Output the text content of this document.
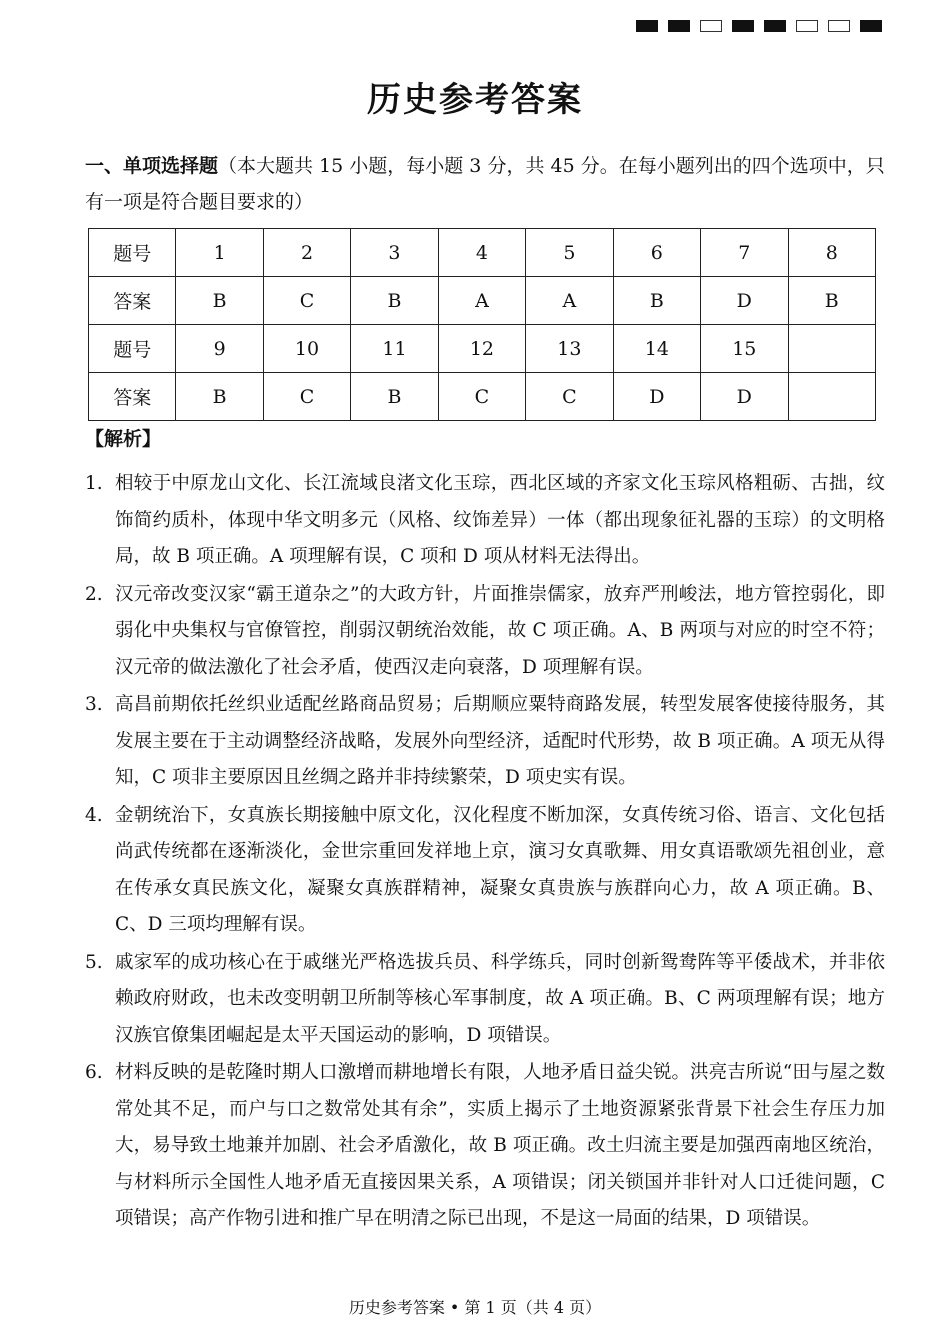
历史参考答案
一、单项选择题（本大题共 15 小题，每小题 3 分，共 45 分。在每小题列出的四个选项中，只有一项是符合题目要求的）
题号	1	2	3	4	5	6	7	8
答案	B	C	B	A	A	B	D	B
题号	9	10	11	12	13	14	15	
答案	B	C	B	C	C	D	D	
【解析】
1. 相较于中原龙山文化、长江流域良渚文化玉琮，西北区域的齐家文化玉琮风格粗砺、古拙，纹饰简约质朴，体现中华文明多元（风格、纹饰差异）一体（都出现象征礼器的玉琮）的文明格局，故 B 项正确。A 项理解有误，C 项和 D 项从材料无法得出。
2. 汉元帝改变汉家“霸王道杂之”的大政方针，片面推崇儒家，放弃严刑峻法，地方管控弱化，即弱化中央集权与官僚管控，削弱汉朝统治效能，故 C 项正确。A、B 两项与对应的时空不符；汉元帝的做法激化了社会矛盾，使西汉走向衰落，D 项理解有误。
3. 高昌前期依托丝织业适配丝路商品贸易；后期顺应粟特商路发展，转型发展客使接待服务，其发展主要在于主动调整经济战略，发展外向型经济，适配时代形势，故 B 项正确。A 项无从得知，C 项非主要原因且丝绸之路并非持续繁荣，D 项史实有误。
4. 金朝统治下，女真族长期接触中原文化，汉化程度不断加深，女真传统习俗、语言、文化包括尚武传统都在逐渐淡化，金世宗重回发祥地上京，演习女真歌舞、用女真语歌颂先祖创业，意在传承女真民族文化，凝聚女真族群精神，凝聚女真贵族与族群向心力，故 A 项正确。B、C、D 三项均理解有误。
5. 戚家军的成功核心在于戚继光严格选拔兵员、科学练兵，同时创新鸳鸯阵等平倭战术，并非依赖政府财政，也未改变明朝卫所制等核心军事制度，故 A 项正确。B、C 两项理解有误；地方汉族官僚集团崛起是太平天国运动的影响，D 项错误。
6. 材料反映的是乾隆时期人口激增而耕地增长有限，人地矛盾日益尖锐。洪亮吉所说“田与屋之数常处其不足，而户与口之数常处其有余”，实质上揭示了土地资源紧张背景下社会生存压力加大，易导致土地兼并加剧、社会矛盾激化，故 B 项正确。改土归流主要是加强西南地区统治，与材料所示全国性人地矛盾无直接因果关系，A 项错误；闭关锁国并非针对人口迁徙问题，C 项错误；高产作物引进和推广早在明清之际已出现，不是这一局面的结果，D 项错误。
历史参考答案 • 第 1 页（共 4 页）
